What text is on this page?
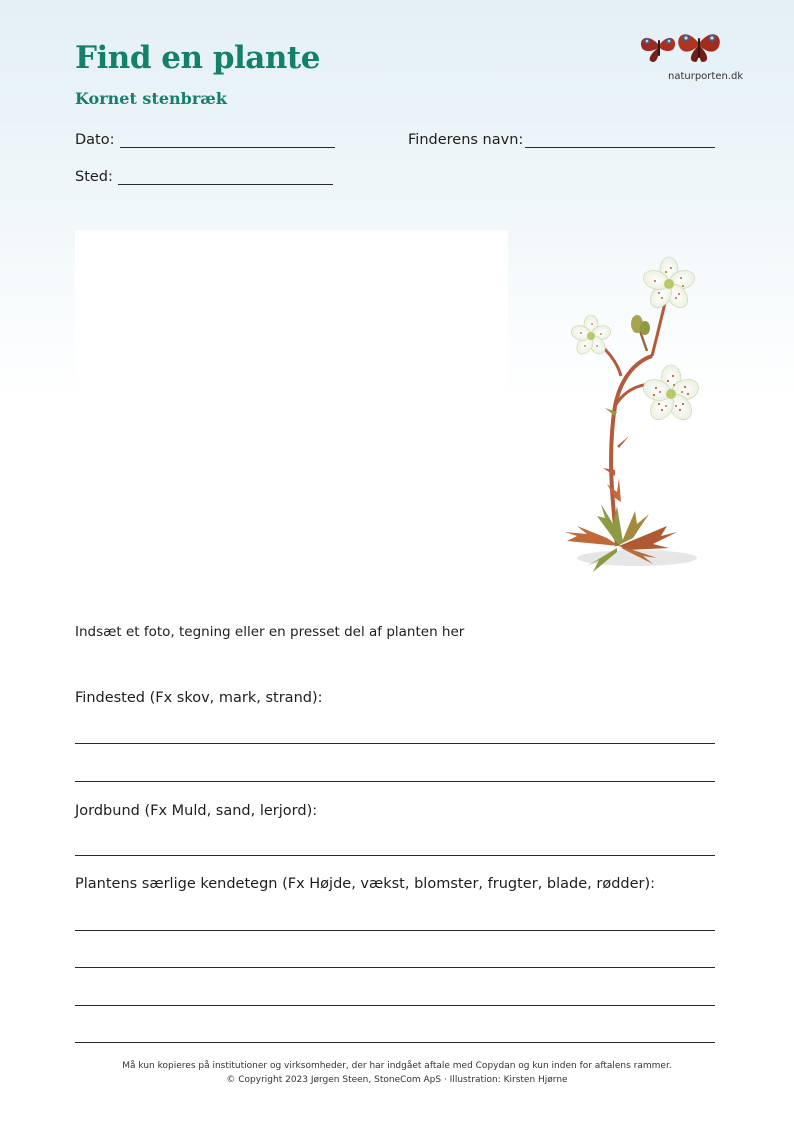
Find en plante
Kornet stenbræk
naturporten.dk
Dato:	Finderens navn:
Sted:
Indsæt et foto, tegning eller en presset del af planten her
Findested (Fx skov, mark, strand):
Jordbund (Fx Muld, sand, lerjord):
Plantens særlige kendetegn (Fx Højde, vækst, blomster, frugter, blade, rødder):
Må kun kopieres på institutioner og virksomheder, der har indgået aftale med Copydan og kun inden for aftalens rammer.
© Copyright 2023 Jørgen Steen, StoneCom ApS · Illustration: Kirsten Hjørne
